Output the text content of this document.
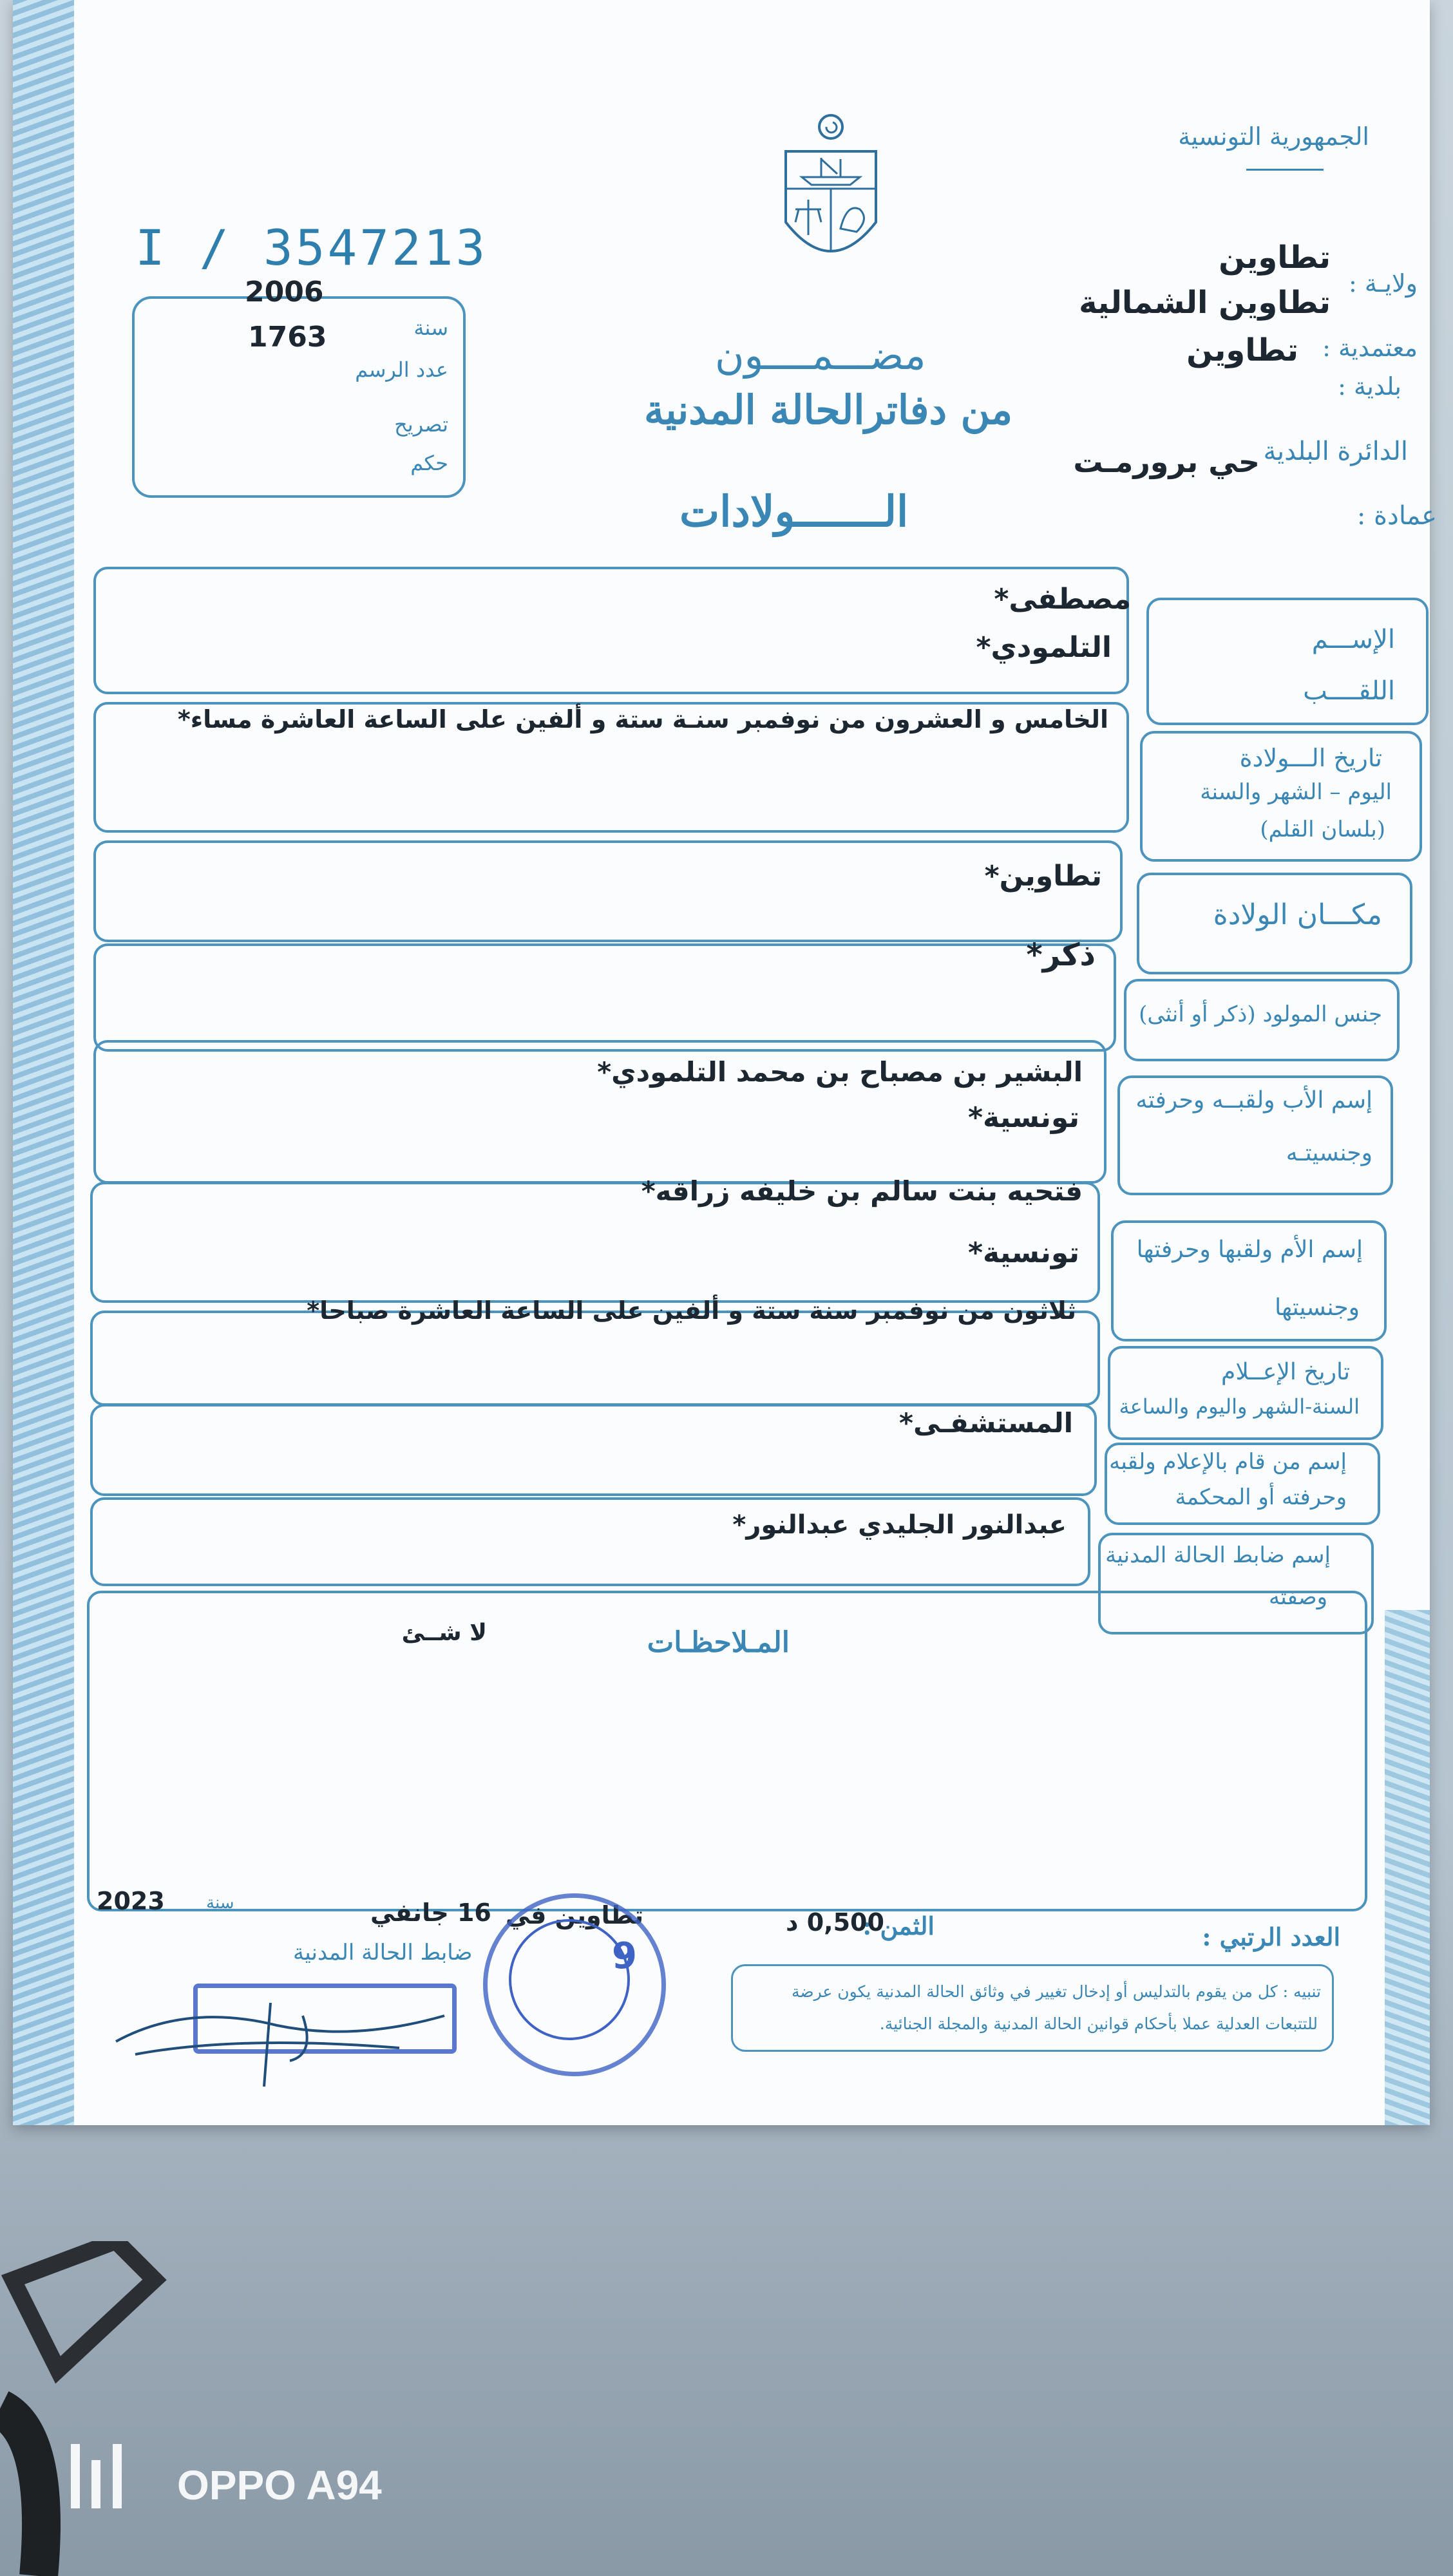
الجمهورية التونسية
ولايـة :
تطاوين
معتمدية :
تطاوين الشمالية
تطاوين
بلدية :
الدائرة البلدية
حي برورمـت
عمادة :
مضـــمــــون
من دفاترالحالة المدنية
الـــــــولادات
I / 3547213
2006
سنة
1763
عدد الرسم
تصريح
حكم
الإســـم
اللقــــب
مصطفى*
التلمودي*
تاريخ الـــولادة
اليوم – الشهر والسنة
(بلسان القلم)
الخامس و العشرون من نوفمبر سنـة ستة و ألفين على الساعة العاشرة مساء*
مكـــان الولادة
تطاوين*
جنس المولود (ذكر أو أنثى)
ذكر*
إسم الأب ولقبــه وحرفته
وجنسيتـه
البشير بن مصباح بن محمد التلمودي*
تونسية*
إسم الأم ولقبها وحرفتها
وجنسيتها
فتحيه بنت سالم بن خليفه زراقه*
تونسية*
تاريخ الإعــلام
السنة-الشهر واليوم والساعة
ثلاثون من نوفمبر سنة ستة و ألفين على الساعة العاشرة صباحا*
إسم من قام بالإعلام ولقبه
وحرفته أو المحكمة
المستشفـى*
إسم ضابط الحالة المدنية
وصفته
عبدالنور الجليدي عبدالنور*
المـلاحظـات
لا شــئ
العدد الرتبي :
الثمن :
0,500 د
تطاوين في
16 جانفي
سنة
2023
ضابط الحالة المدنية
تنبيه : كل من يقوم بالتدليس أو إدخال تغيير في وثائق الحالة المدنية يكون عرضة
للتتبعات العدلية عملا بأحكام قوانين الحالة المدنية والمجلة الجنائية.
9
OPPO A94
